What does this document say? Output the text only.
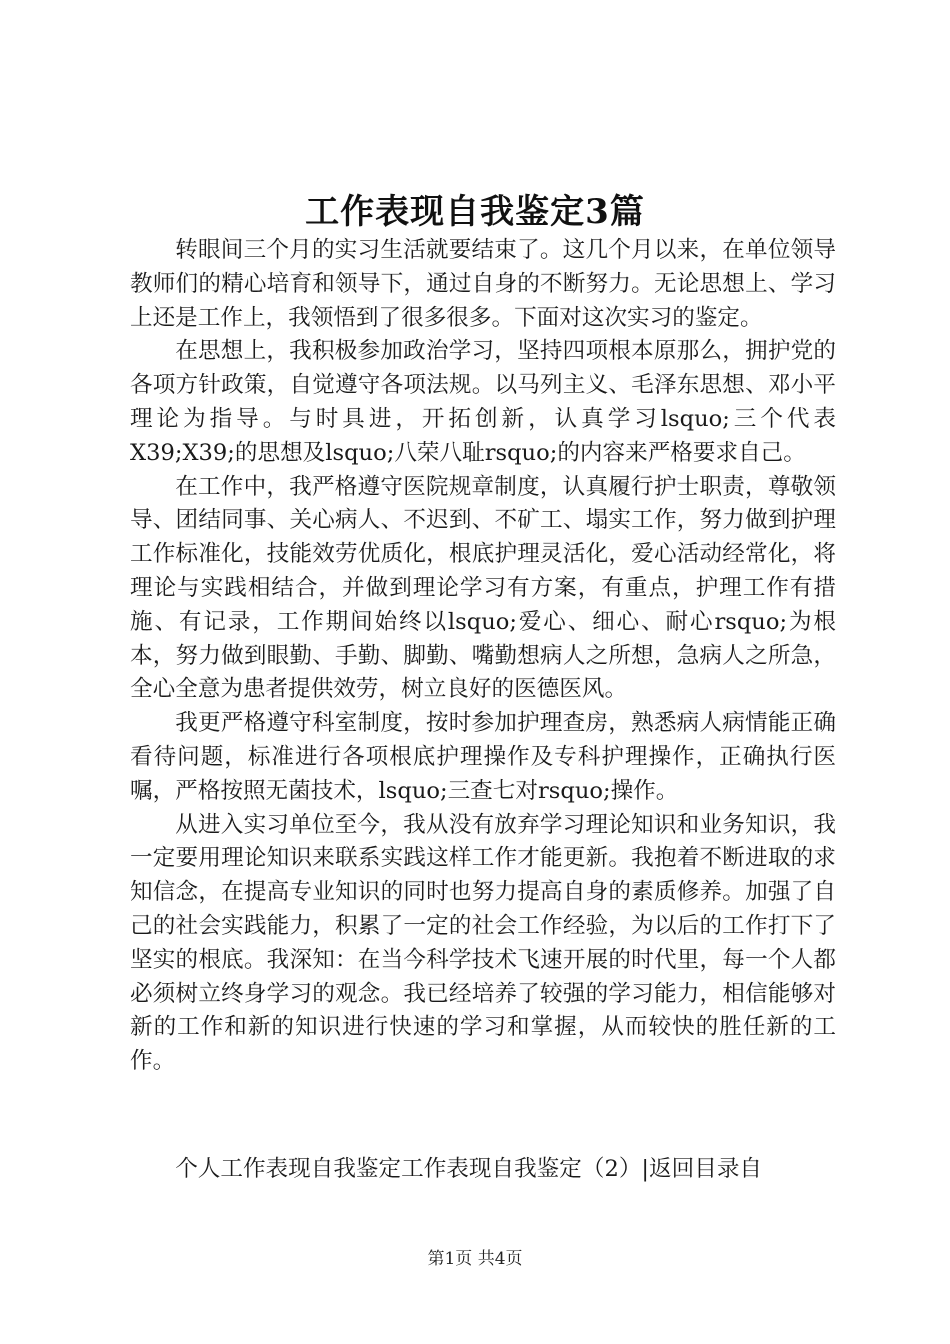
工作表现自我鉴定3篇

转眼间三个月的实习生活就要结束了。这几个月以来，在单位领导教师们的精心培育和领导下，通过自身的不断努力。无论思想上、学习上还是工作上，我领悟到了很多很多。下面对这次实习的鉴定。

在思想上，我积极参加政治学习，坚持四项根本原那么，拥护党的各项方针政策，自觉遵守各项法规。以马列主义、毛泽东思想、邓小平理论为指导。与时具进，开拓创新，认真学习lsquo;三个代表X39;X39;的思想及lsquo;八荣八耻rsquo;的内容来严格要求自己。

在工作中，我严格遵守医院规章制度，认真履行护士职责，尊敬领导、团结同事、关心病人、不迟到、不矿工、塌实工作，努力做到护理工作标准化，技能效劳优质化，根底护理灵活化，爱心活动经常化，将理论与实践相结合，并做到理论学习有方案，有重点，护理工作有措施、有记录，工作期间始终以lsquo;爱心、细心、耐心rsquo;为根本，努力做到眼勤、手勤、脚勤、嘴勤想病人之所想，急病人之所急，全心全意为患者提供效劳，树立良好的医德医风。

我更严格遵守科室制度，按时参加护理查房，熟悉病人病情能正确看待问题，标准进行各项根底护理操作及专科护理操作，正确执行医嘱，严格按照无菌技术，lsquo;三查七对rsquo;操作。

从进入实习单位至今，我从没有放弃学习理论知识和业务知识，我一定要用理论知识来联系实践这样工作才能更新。我抱着不断进取的求知信念，在提高专业知识的同时也努力提高自身的素质修养。加强了自己的社会实践能力，积累了一定的社会工作经验，为以后的工作打下了坚实的根底。我深知：在当今科学技术飞速开展的时代里，每一个人都必须树立终身学习的观念。我已经培养了较强的学习能力，相信能够对新的工作和新的知识进行快速的学习和掌握，从而较快的胜任新的工作。

个人工作表现自我鉴定工作表现自我鉴定（2）|返回目录自
第1页 共4页
